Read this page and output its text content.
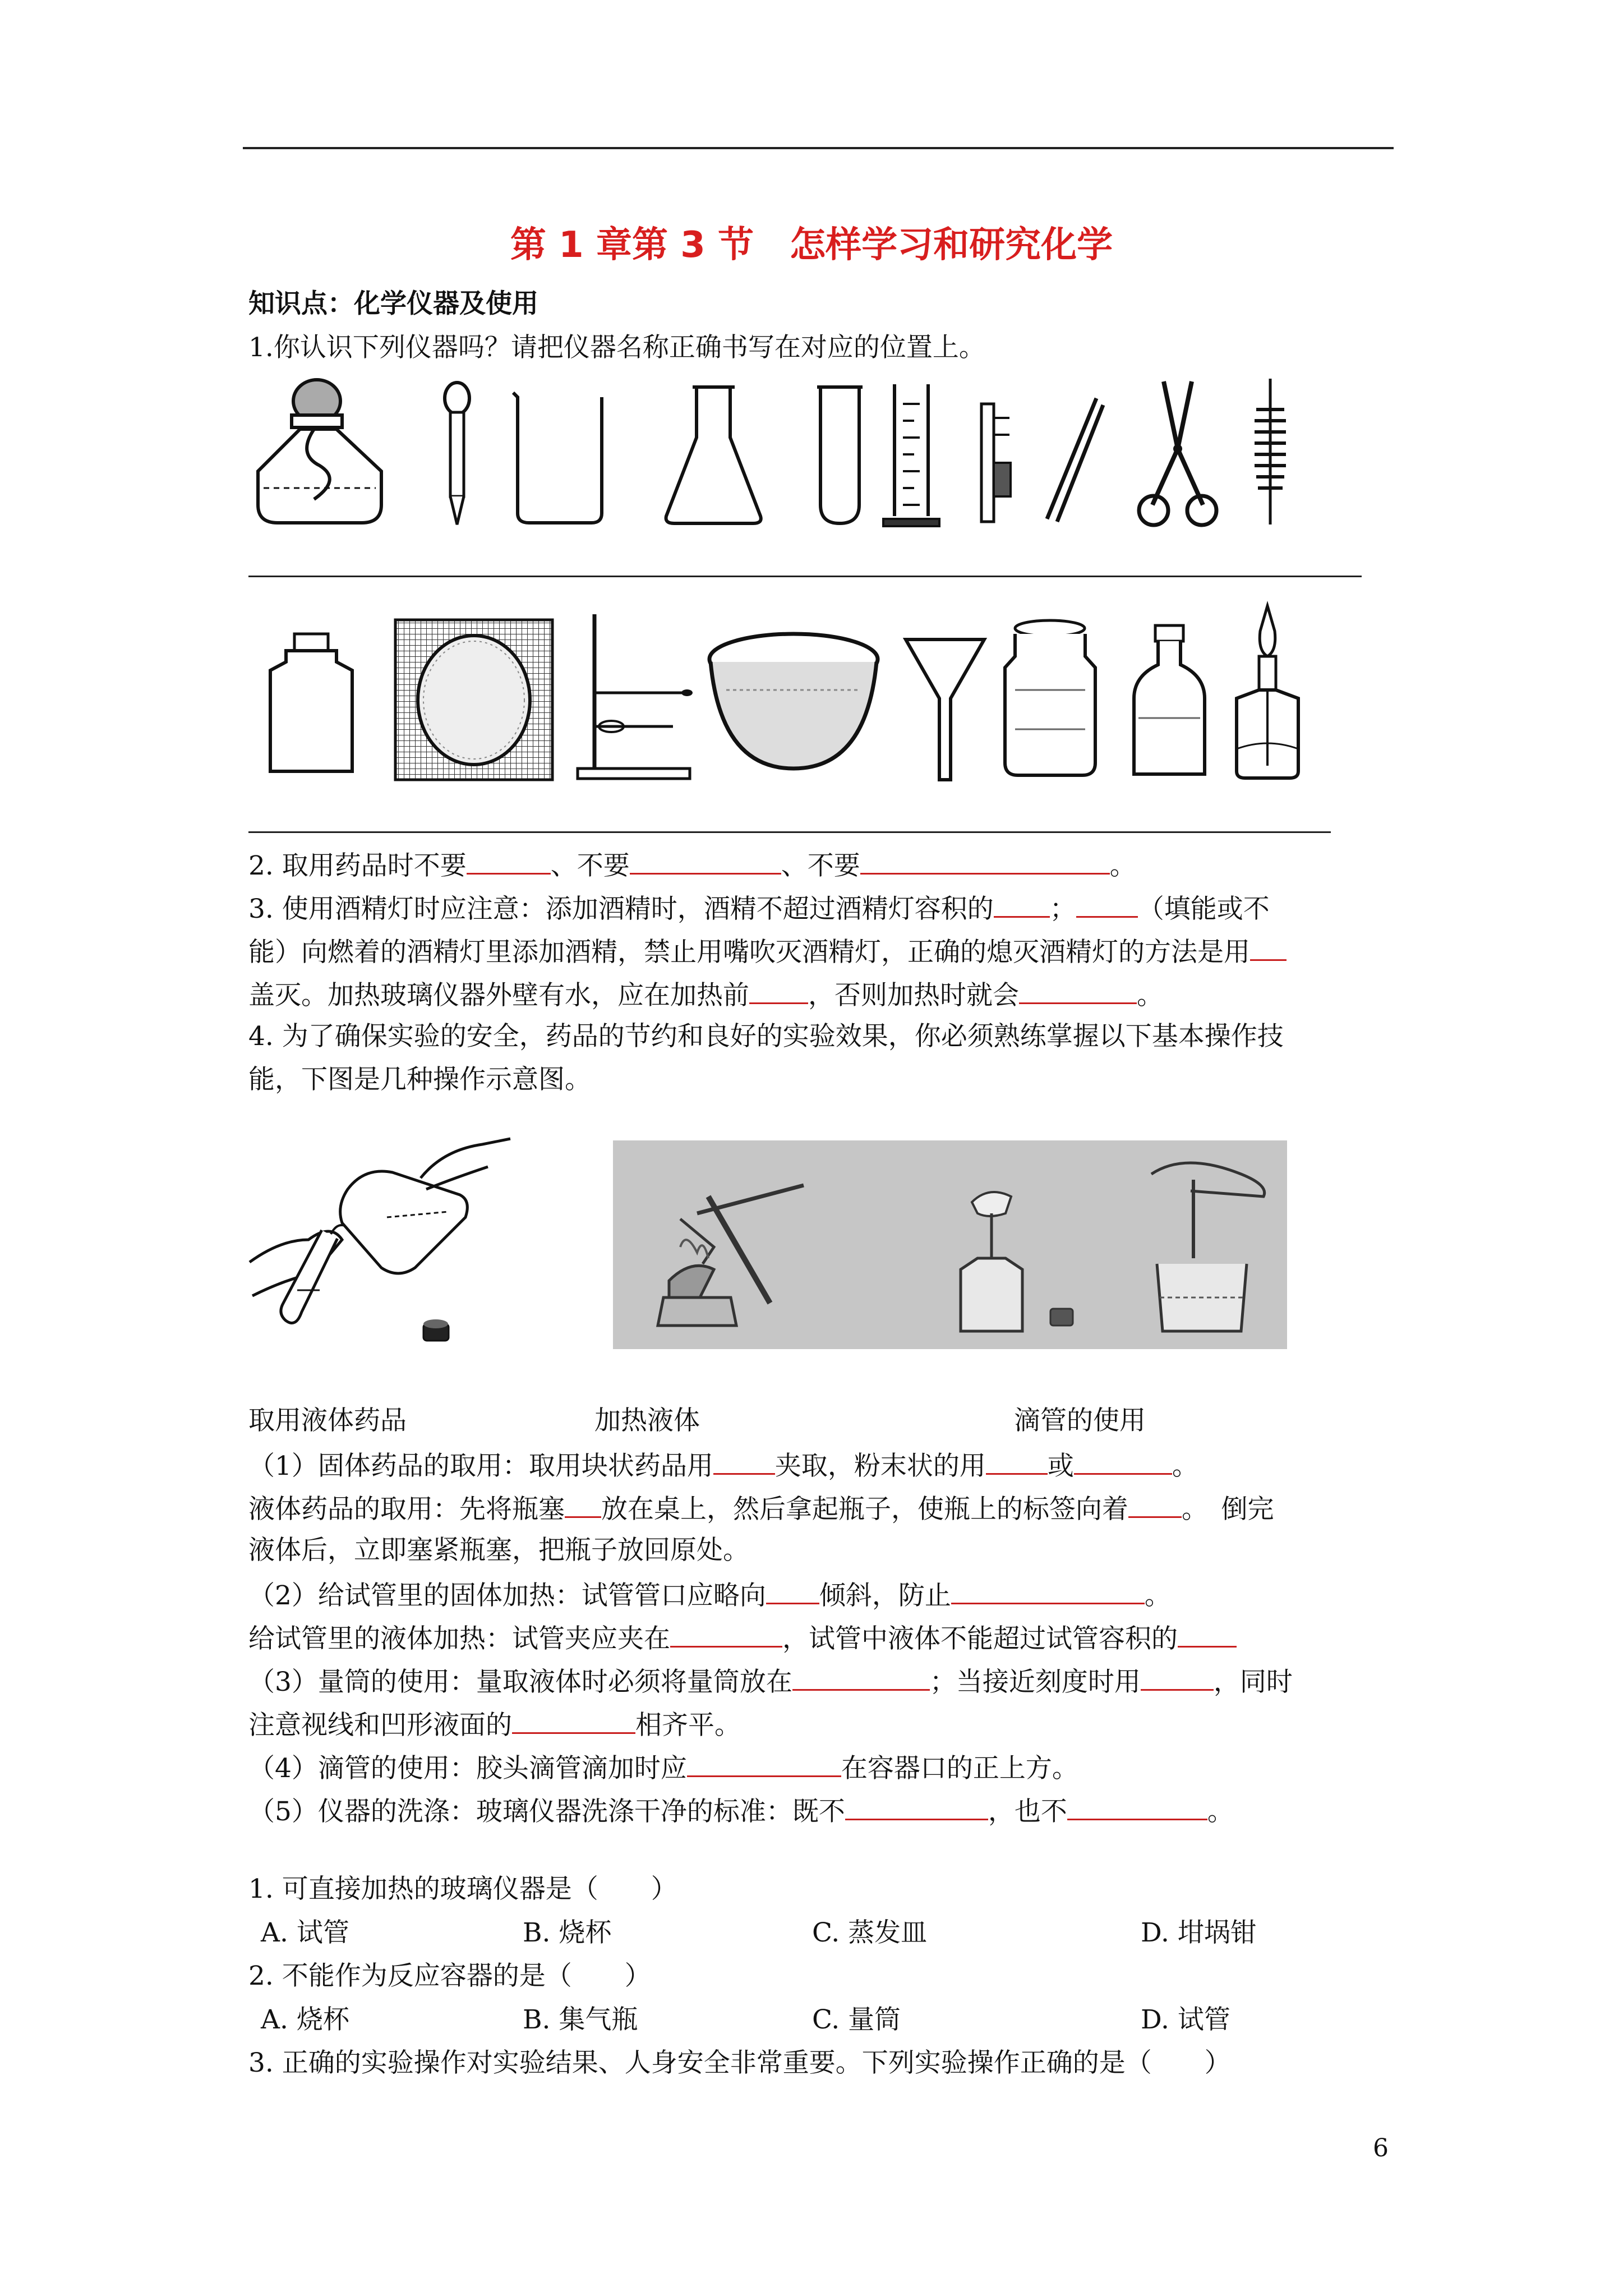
第 1 章第 3 节　怎样学习和研究化学
知识点：化学仪器及使用
1.你认识下列仪器吗？请把仪器名称正确书写在对应的位置上。
2. 取用药品时不要	、不要	、不要	。
3. 使用酒精灯时应注意：添加酒精时，酒精不超过酒精灯容积的 ； （填能或不
能）向燃着的酒精灯里添加酒精，禁止用嘴吹灭酒精灯，正确的熄灭酒精灯的方法是用
盖灭。加热玻璃仪器外壁有水，应在加热前 ，否则加热时就会	。
4. 为了确保实验的安全，药品的节约和良好的实验效果，你必须熟练掌握以下基本操作技
能，下图是几种操作示意图。
取用液体药品	加热液体	滴管的使用
（1）固体药品的取用：取用块状药品用 夹取，粉末状的用 或	。
液体药品的取用：先将瓶塞 放在桌上，然后拿起瓶子，使瓶上的标签向着 。　倒完
液体后，立即塞紧瓶塞，把瓶子放回原处。
（2）给试管里的固体加热：试管管口应略向 倾斜，防止	。
给试管里的液体加热：试管夹应夹在	，试管中液体不能超过试管容积的
（3）量筒的使用：量取液体时必须将量筒放在	；当接近刻度时用	，同时
注意视线和凹形液面的	相齐平。
（4）滴管的使用：胶头滴管滴加时应	在容器口的正上方。
（5）仪器的洗涤：玻璃仪器洗涤干净的标准：既不	，也不	。
1. 可直接加热的玻璃仪器是（　　）
A. 试管	B. 烧杯	C. 蒸发皿	D. 坩埚钳
2. 不能作为反应容器的是（　　）
A. 烧杯	B. 集气瓶	C. 量筒	D. 试管
3. 正确的实验操作对实验结果、人身安全非常重要。下列实验操作正确的是（　　）
6
